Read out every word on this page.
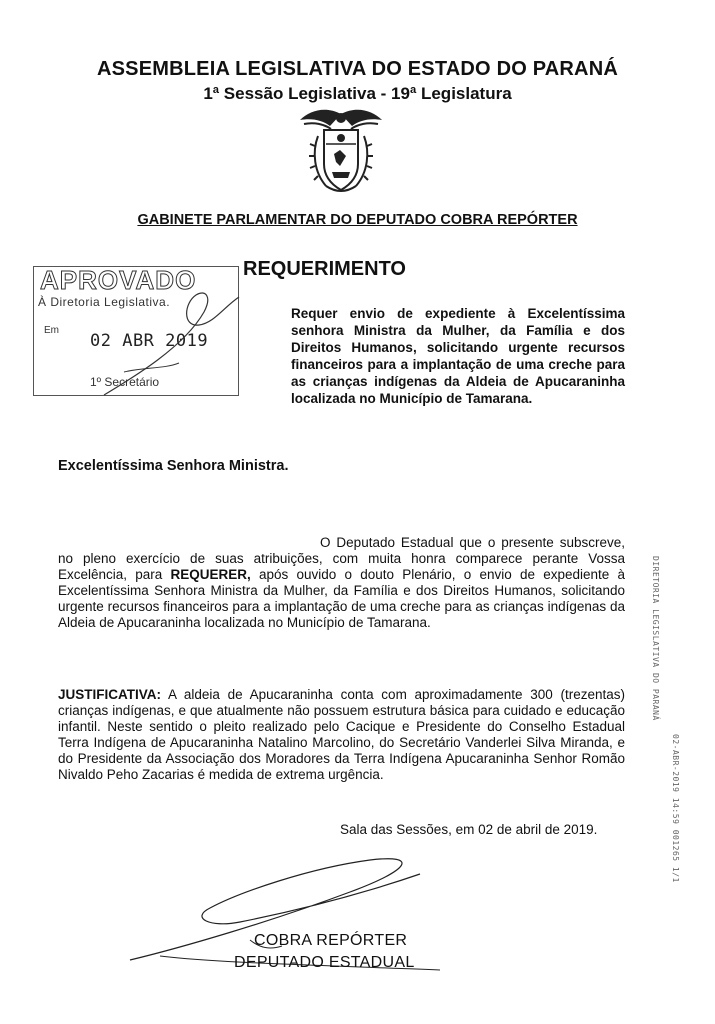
ASSEMBLEIA LEGISLATIVA DO ESTADO DO PARANÁ
1ª Sessão Legislativa - 19ª Legislatura
GABINETE PARLAMENTAR DO DEPUTADO COBRA REPÓRTER
APROVADO
À Diretoria Legislativa.
Em
02 ABR 2019
1º Secretário
REQUERIMENTO
Requer envio de expediente à Excelentíssima senhora Ministra da Mulher, da Família e dos Direitos Humanos, solicitando urgente recursos financeiros para a implantação de uma creche para as crianças indígenas da Aldeia de Apucaraninha localizada no Município de Tamarana.
Excelentíssima Senhora Ministra.
O Deputado Estadual que o presente subscreve, no pleno exercício de suas atribuições, com muita honra comparece perante Vossa Excelência, para REQUERER, após ouvido o douto Plenário, o envio de expediente à Excelentíssima Senhora Ministra da Mulher, da Família e dos Direitos Humanos, solicitando urgente recursos financeiros para a implantação de uma creche para as crianças indígenas da Aldeia de Apucaraninha localizada no Município de Tamarana.
JUSTIFICATIVA: A aldeia de Apucaraninha conta com aproximadamente 300 (trezentas) crianças indígenas, e que atualmente não possuem estrutura básica para cuidado e educação infantil. Neste sentido o pleito realizado pelo Cacique e Presidente do Conselho Estadual Terra Indígena de Apucaraninha Natalino Marcolino, do Secretário Vanderlei Silva Miranda, e do Presidente da Associação dos Moradores da Terra Indígena Apucaraninha Senhor Romão Nivaldo Peho Zacarias é medida de extrema urgência.
Sala das Sessões, em 02 de abril de 2019.
COBRA REPÓRTER
DEPUTADO ESTADUAL
DIRETORIA LEGISLATIVA DO PARANÁ
02-ABR-2019 14:59 001265 1/1
